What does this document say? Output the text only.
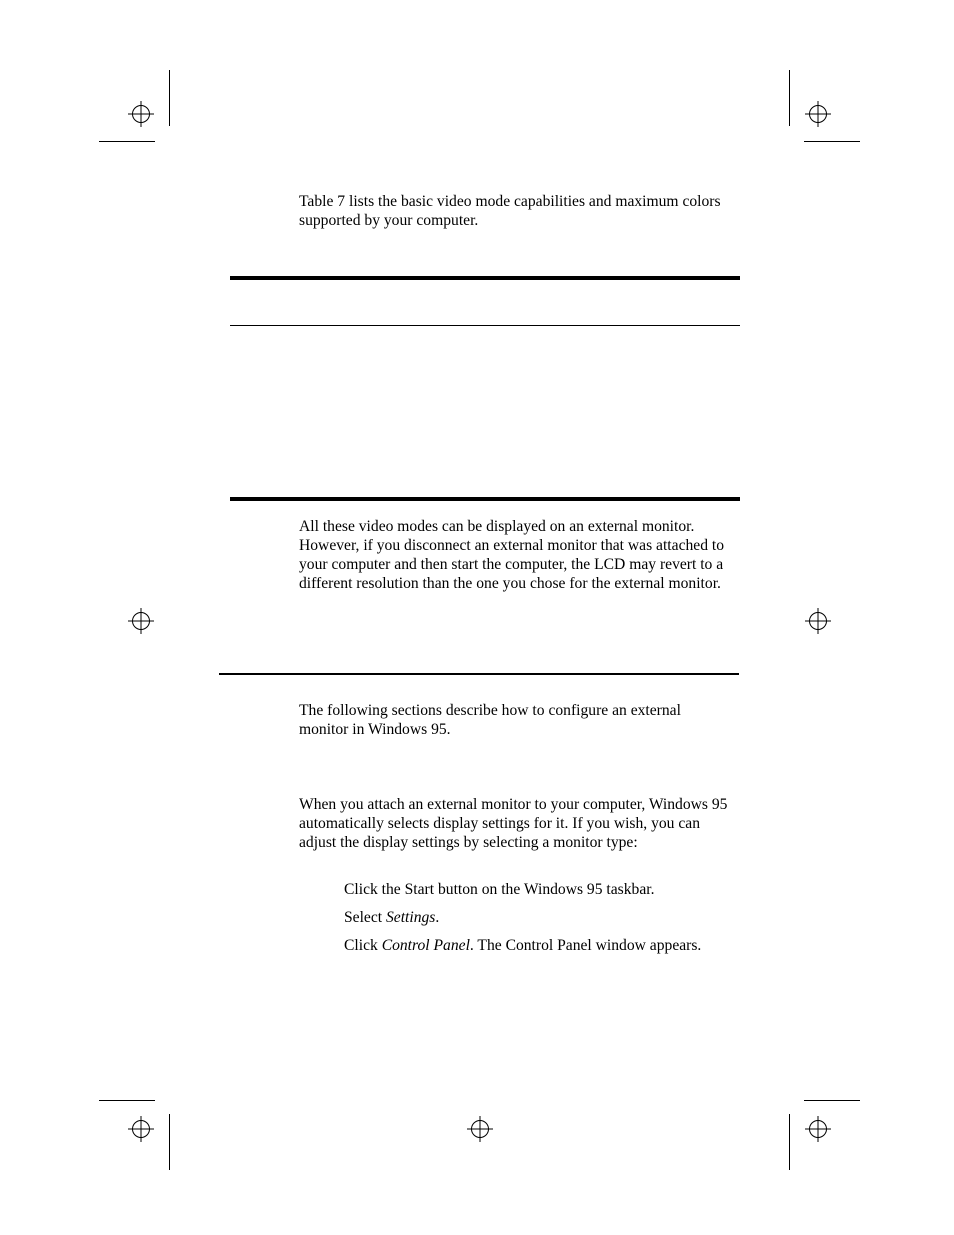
Table 7 lists the basic video mode capabilities and maximum colors supported by your computer.
All these video modes can be displayed on an external monitor. However, if you disconnect an external monitor that was attached to your computer and then start the computer, the LCD may revert to a different resolution than the one you chose for the external monitor.
The following sections describe how to configure an external monitor in Windows 95.
When you attach an external monitor to your computer, Windows 95 automatically selects display settings for it. If you wish, you can adjust the display settings by selecting a monitor type:
Click the Start button on the Windows 95 taskbar.
Select Settings.
Click Control Panel. The Control Panel window appears.
